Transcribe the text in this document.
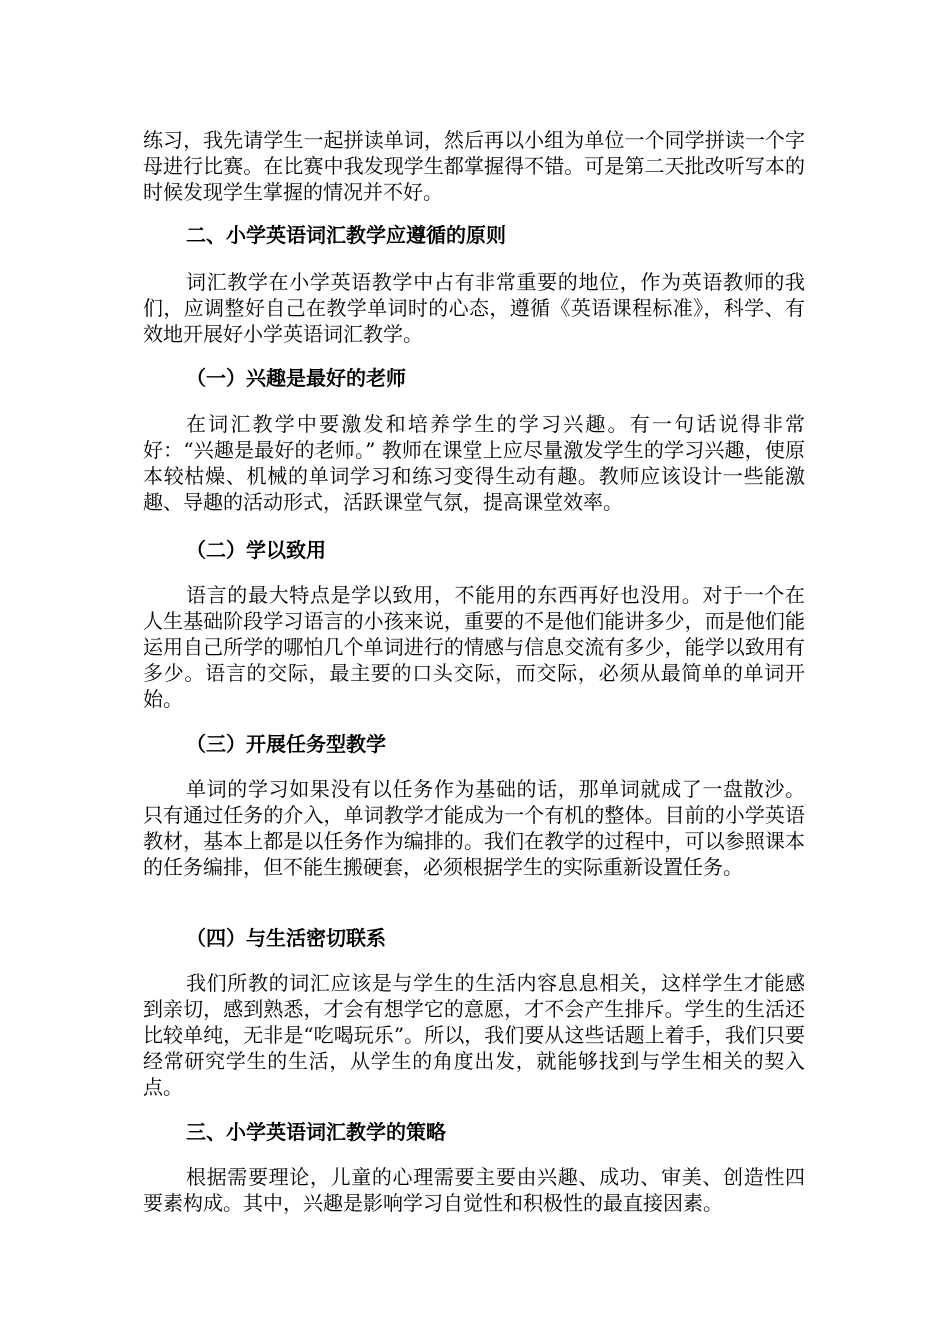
练习，我先请学生一起拼读单词，然后再以小组为单位一个同学拼读一个字母进行比赛。在比赛中我发现学生都掌握得不错。可是第二天批改听写本的时候发现学生掌握的情况并不好。

二、小学英语词汇教学应遵循的原则

词汇教学在小学英语教学中占有非常重要的地位，作为英语教师的我们，应调整好自己在教学单词时的心态，遵循《英语课程标准》，科学、有效地开展好小学英语词汇教学。

（一）兴趣是最好的老师

在词汇教学中要激发和培养学生的学习兴趣。有一句话说得非常好：“兴趣是最好的老师。” 教师在课堂上应尽量激发学生的学习兴趣，使原本较枯燥、机械的单词学习和练习变得生动有趣。教师应该设计一些能激趣、导趣的活动形式，活跃课堂气氛，提高课堂效率。

（二）学以致用

语言的最大特点是学以致用，不能用的东西再好也没用。对于一个在人生基础阶段学习语言的小孩来说，重要的不是他们能讲多少，而是他们能运用自己所学的哪怕几个单词进行的情感与信息交流有多少，能学以致用有多少。语言的交际，最主要的口头交际，而交际，必须从最简单的单词开始。

（三）开展任务型教学

单词的学习如果没有以任务作为基础的话，那单词就成了一盘散沙。只有通过任务的介入，单词教学才能成为一个有机的整体。目前的小学英语教材，基本上都是以任务作为编排的。我们在教学的过程中，可以参照课本的任务编排，但不能生搬硬套，必须根据学生的实际重新设置任务。

（四）与生活密切联系

我们所教的词汇应该是与学生的生活内容息息相关，这样学生才能感到亲切，感到熟悉，才会有想学它的意愿，才不会产生排斥。学生的生活还比较单纯，无非是“吃喝玩乐”。所以，我们要从这些话题上着手，我们只要经常研究学生的生活，从学生的角度出发，就能够找到与学生相关的契入点。

三、小学英语词汇教学的策略

根据需要理论，儿童的心理需要主要由兴趣、成功、审美、创造性四要素构成。其中，兴趣是影响学习自觉性和积极性的最直接因素。
